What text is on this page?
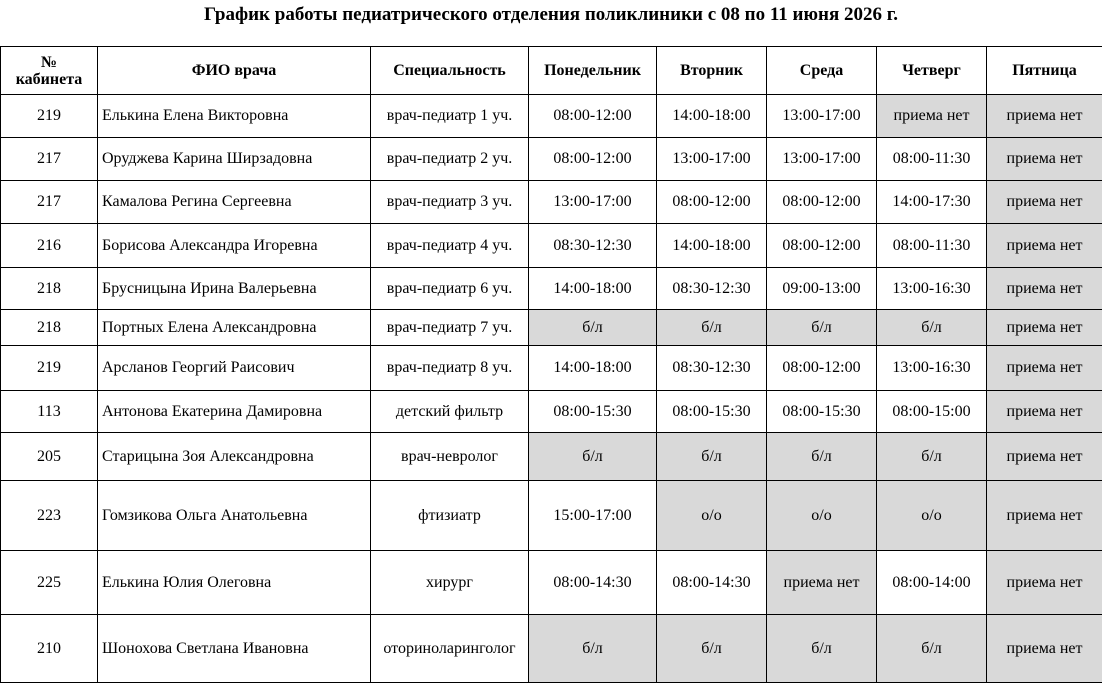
График работы педиатрического отделения поликлиники с 08 по 11 июня 2026 г.
№
кабинета	ФИО врача	Специальность	Понедельник	Вторник	Среда	Четверг	Пятница
219	Елькина Елена Викторовна	врач-педиатр 1 уч.	08:00-12:00	14:00-18:00	13:00-17:00	приема нет	приема нет
217	Оруджева Карина Ширзадовна	врач-педиатр 2 уч.	08:00-12:00	13:00-17:00	13:00-17:00	08:00-11:30	приема нет
217	Камалова Регина Сергеевна	врач-педиатр 3 уч.	13:00-17:00	08:00-12:00	08:00-12:00	14:00-17:30	приема нет
216	Борисова Александра Игоревна	врач-педиатр 4 уч.	08:30-12:30	14:00-18:00	08:00-12:00	08:00-11:30	приема нет
218	Брусницына Ирина Валерьевна	врач-педиатр 6 уч.	14:00-18:00	08:30-12:30	09:00-13:00	13:00-16:30	приема нет
218	Портных Елена Александровна	врач-педиатр 7 уч.	б/л	б/л	б/л	б/л	приема нет
219	Арсланов Георгий Раисович	врач-педиатр 8 уч.	14:00-18:00	08:30-12:30	08:00-12:00	13:00-16:30	приема нет
113	Антонова Екатерина Дамировна	детский фильтр	08:00-15:30	08:00-15:30	08:00-15:30	08:00-15:00	приема нет
205	Старицына Зоя Александровна	врач-невролог	б/л	б/л	б/л	б/л	приема нет
223	Гомзикова Ольга Анатольевна	фтизиатр	15:00-17:00	о/о	о/о	о/о	приема нет
225	Елькина Юлия Олеговна	хирург	08:00-14:30	08:00-14:30	приема нет	08:00-14:00	приема нет
210	Шонохова Светлана Ивановна	оториноларинголог	б/л	б/л	б/л	б/л	приема нет
